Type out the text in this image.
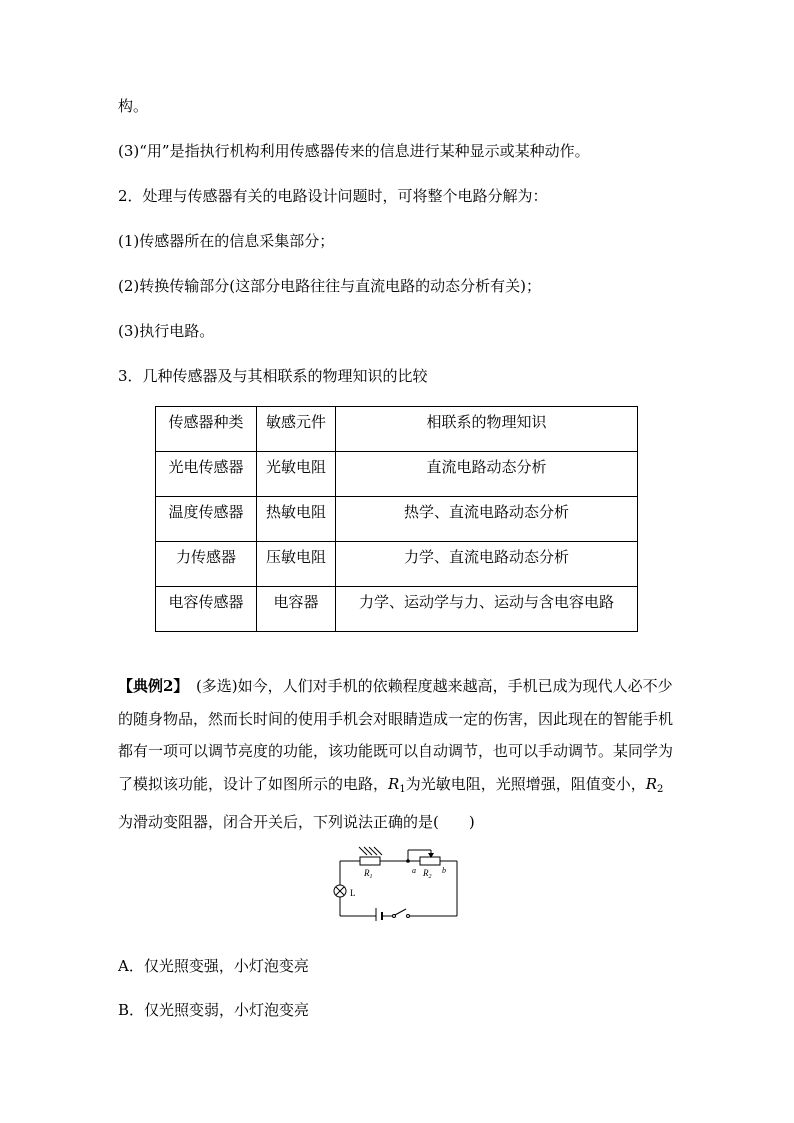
构。
(3)“用”是指执行机构利用传感器传来的信息进行某种显示或某种动作。
2．处理与传感器有关的电路设计问题时，可将整个电路分解为：
(1)传感器所在的信息采集部分；
(2)转换传输部分(这部分电路往往与直流电路的动态分析有关)；
(3)执行电路。
3．几种传感器及与其相联系的物理知识的比较
传感器种类	敏感元件	相联系的物理知识
光电传感器	光敏电阻	直流电路动态分析
温度传感器	热敏电阻	热学、直流电路动态分析
力传感器	压敏电阻	力学、直流电路动态分析
电容传感器	电容器	力学、运动学与力、运动与含电容电路
【典例2】　(多选)如今，人们对手机的依赖程度越来越高，手机已成为现代人必不少的随身物品，然而长时间的使用手机会对眼睛造成一定的伤害，因此现在的智能手机都有一项可以调节亮度的功能，该功能既可以自动调节，也可以手动调节。某同学为了模拟该功能，设计了如图所示的电路，$R_1$为光敏电阻，光照增强，阻值变小，$R_2$为滑动变阻器，闭合开关后，下列说法正确的是(　　)
$R_1$
a $R_2$
b
L
A．仅光照变强，小灯泡变亮
B．仅光照变弱，小灯泡变亮
